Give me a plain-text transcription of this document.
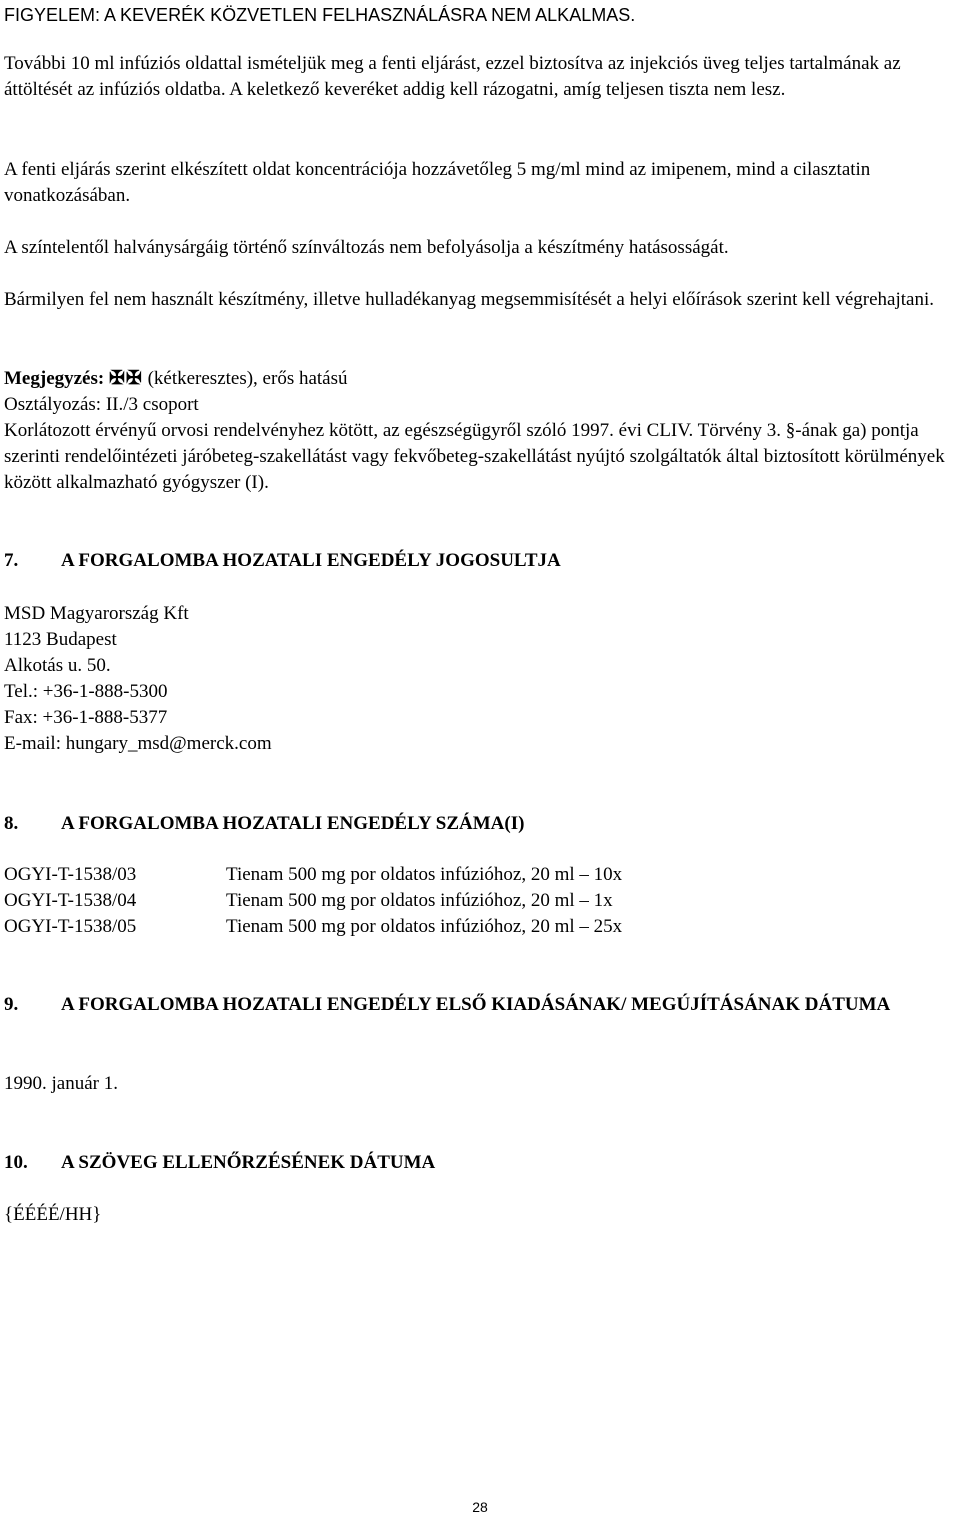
FIGYELEM: A KEVERÉK KÖZVETLEN FELHASZNÁLÁSRA NEM ALKALMAS.

További 10 ml infúziós oldattal ismételjük meg a fenti eljárást, ezzel biztosítva az injekciós üveg teljes tartalmának az áttöltését az infúziós oldatba. A keletkező keveréket addig kell rázogatni, amíg teljesen tiszta nem lesz.

A fenti eljárás szerint elkészített oldat koncentrációja hozzávetőleg 5 mg/ml mind az imipenem, mind a cilasztatin vonatkozásában.

A színtelentől halványsárgáig történő színváltozás nem befolyásolja a készítmény hatásosságát.

Bármilyen fel nem használt készítmény, illetve hulladékanyag megsemmisítését a helyi előírások szerint kell végrehajtani.

Megjegyzés: ✠✠ (kétkeresztes), erős hatású
Osztályozás: II./3 csoport
Korlátozott érvényű orvosi rendelvényhez kötött, az egészségügyről szóló 1997. évi CLIV. Törvény 3. §-ának ga) pontja szerinti rendelőintézeti járóbeteg-szakellátást vagy fekvőbeteg-szakellátást nyújtó szolgáltatók által biztosított körülmények között alkalmazható gyógyszer (I).
7.	A FORGALOMBA HOZATALI ENGEDÉLY JOGOSULTJA
MSD Magyarország Kft
1123 Budapest
Alkotás u. 50.
Tel.: +36-1-888-5300
Fax: +36-1-888-5377
E-mail: hungary_msd@merck.com
8.	A FORGALOMBA HOZATALI ENGEDÉLY SZÁMA(I)
OGYI-T-1538/03	Tienam 500 mg por oldatos infúzióhoz, 20 ml – 10x
OGYI-T-1538/04	Tienam 500 mg por oldatos infúzióhoz, 20 ml – 1x
OGYI-T-1538/05	Tienam 500 mg por oldatos infúzióhoz, 20 ml – 25x
9.	A FORGALOMBA HOZATALI ENGEDÉLY ELSŐ KIADÁSÁNAK/ MEGÚJÍTÁSÁNAK DÁTUMA
1990. január 1.
10.	A SZÖVEG ELLENŐRZÉSÉNEK DÁTUMA
{ÉÉÉÉ/HH}
28
